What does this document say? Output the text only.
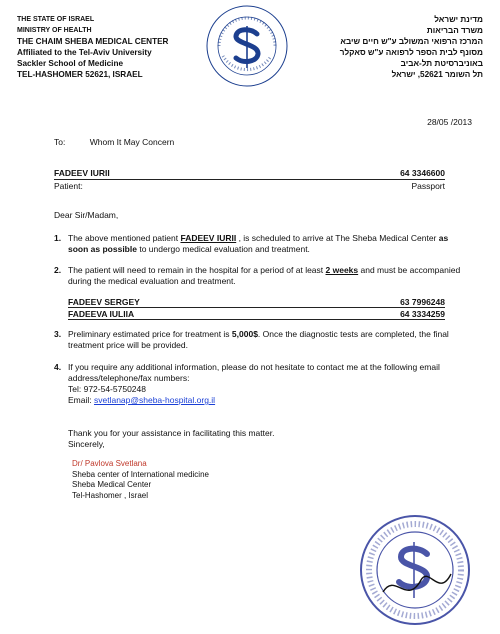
THE STATE OF ISRAEL
MINISTRY OF HEALTH
THE CHAIM SHEBA MEDICAL CENTER
Affiliated to the Tel-Aviv University
Sackler School of Medicine
TEL-HASHOMER 52621, ISRAEL
מדינת ישראל
משרד הבריאות
המרכז הרפואי המשולב ע"ש חיים שיבא
מסונף לבית הספר לרפואה ע"ש סאקלר
באוניברסיטת תל-אביב
תל השומר 52621, ישראל
28/05 /2013
To:	Whom It May Concern
FADEEV IURII	64 3346600
Patient:	Passport
Dear Sir/Madam,
1. The above mentioned patient FADEEV IURII , is scheduled to arrive at The Sheba Medical Center as soon as possible to undergo medical evaluation and treatment.
2. The patient will need to remain in the hospital for a period of at least 2 weeks and must be accompanied during the medical evaluation and treatment.
FADEEV SERGEY	63 7996248
FADEEVA IULIIA	64 3334259
3. Preliminary estimated price for treatment is 5,000$. Once the diagnostic tests are completed, the final treatment price will be provided.
4. If you require any additional information, please do not hesitate to contact me at the following email address/telephone/fax numbers:
Tel: 972-54-5750248
Email: svetlanap@sheba-hospital.org.il
Thank you for your assistance in facilitating this matter.
Sincerely,
Dr/ Pavlova Svetlana
Sheba center of International medicine
Sheba Medical Center
Tel-Hashomer , Israel
